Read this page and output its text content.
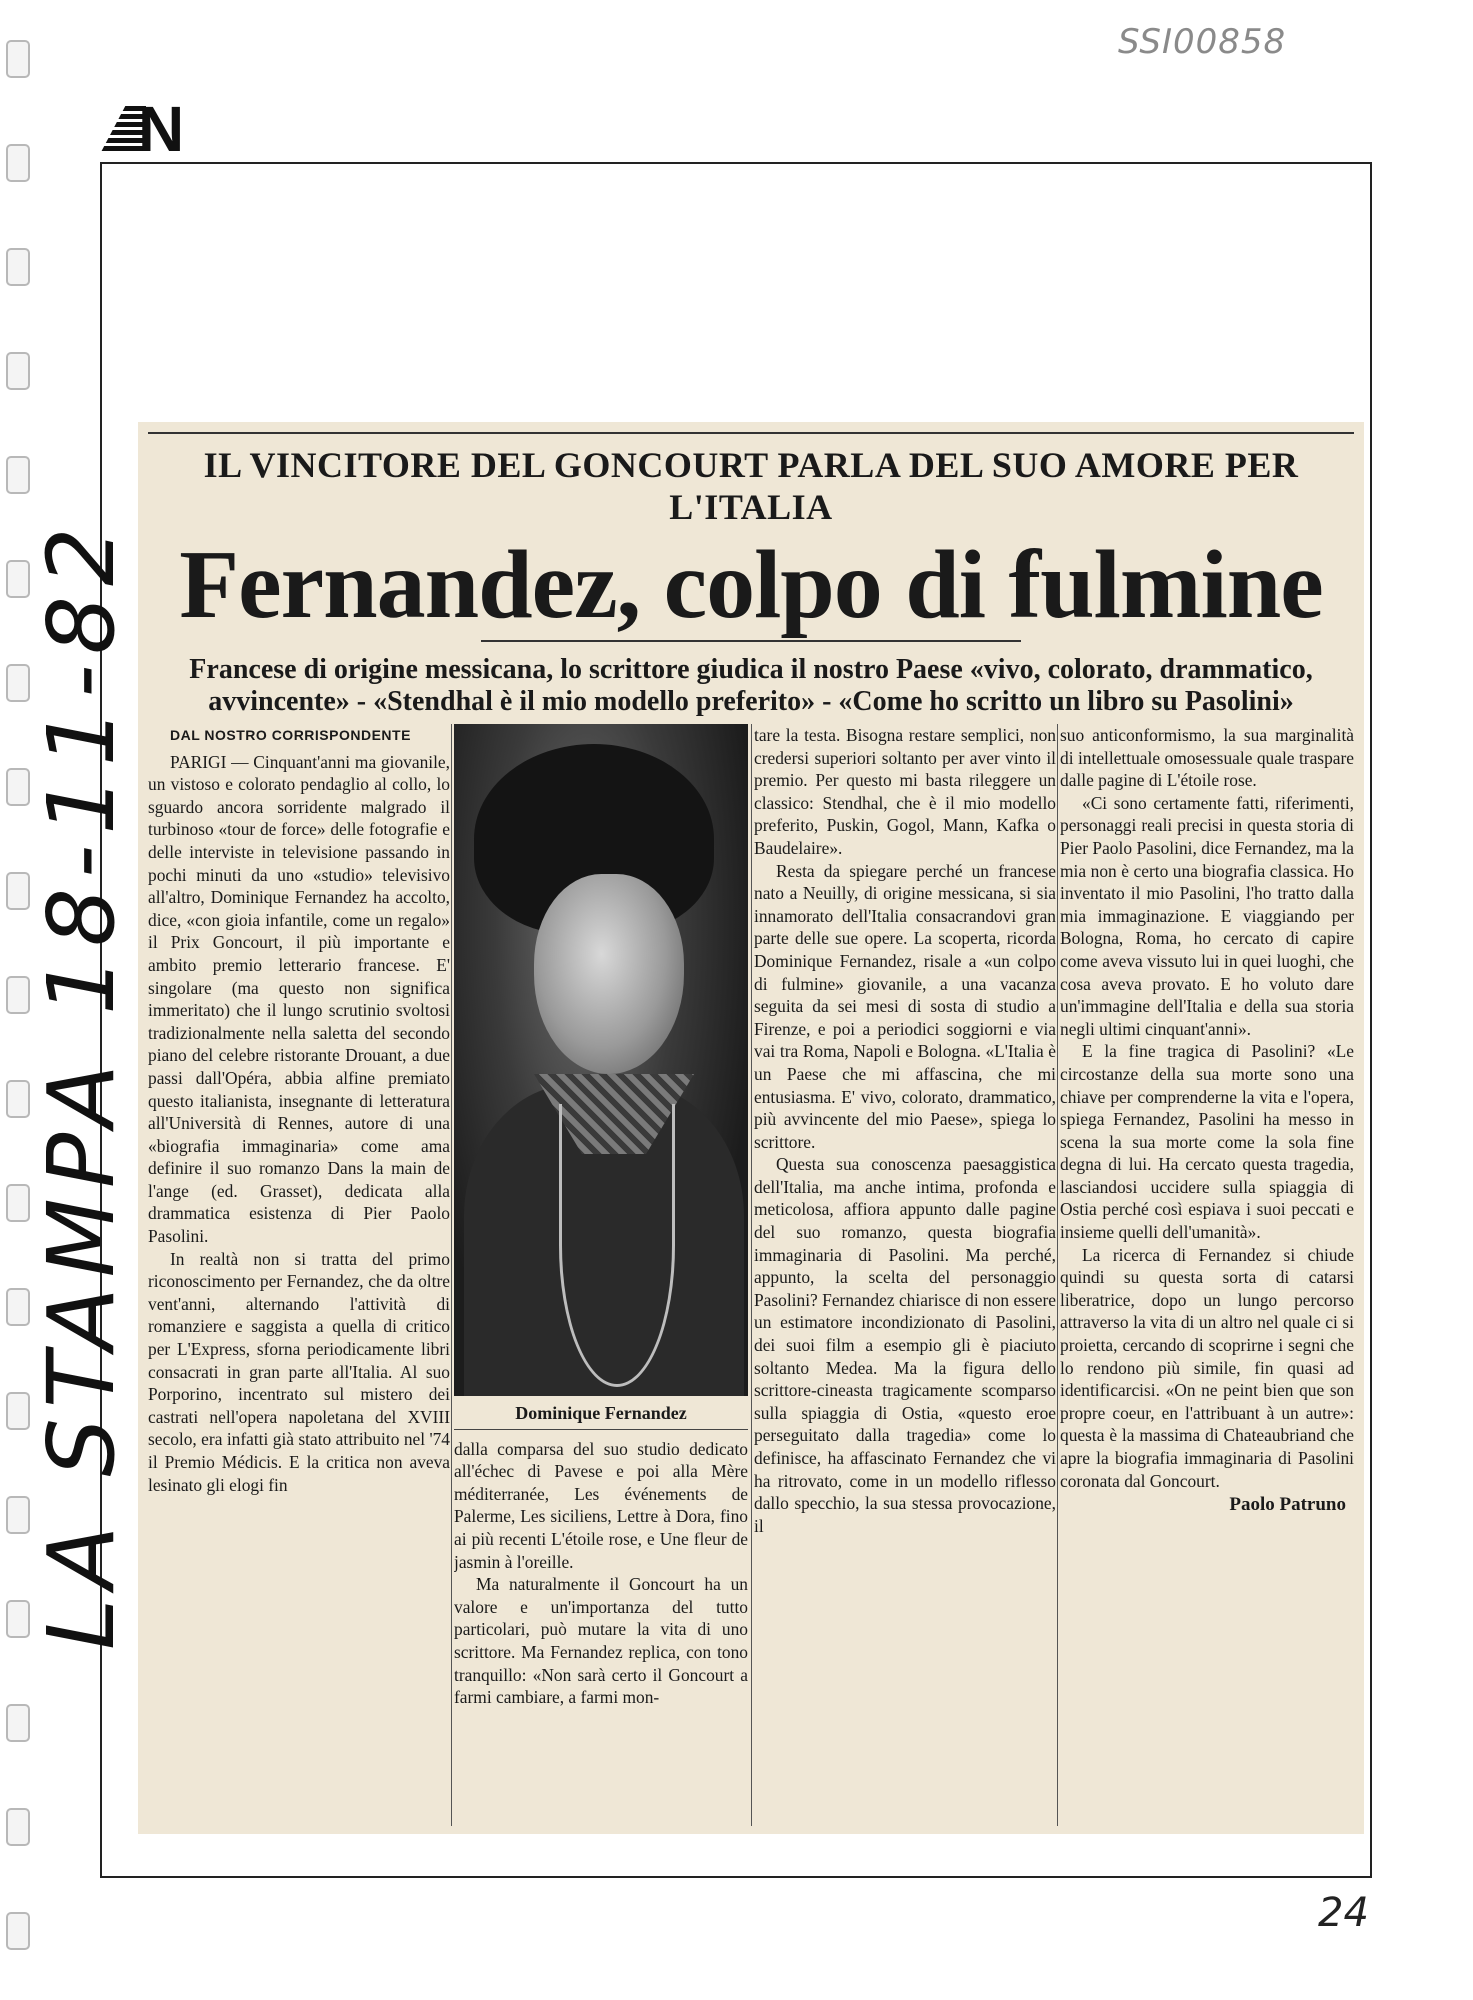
SSI00858
N
LA STAMPA 18-11-82
IL VINCITORE DEL GONCOURT PARLA DEL SUO AMORE PER L'ITALIA
Fernandez, colpo di fulmine
Francese di origine messicana, lo scrittore giudica il nostro Paese «vivo, colorato, drammatico, avvincente» - «Stendhal è il mio modello preferito» - «Come ho scritto un libro su Pasolini»
DAL NOSTRO CORRISPONDENTE

PARIGI — Cinquant'anni ma giovanile, un vistoso e colorato pendaglio al collo, lo sguardo ancora sorridente malgrado il turbinoso «tour de force» delle fotografie e delle interviste in televisione passando in pochi minuti da uno «studio» televisivo all'altro, Dominique Fernandez ha accolto, dice, «con gioia infantile, come un regalo» il Prix Goncourt, il più importante e ambito premio letterario francese. E' singolare (ma questo non significa immeritato) che il lungo scrutinio svoltosi tradizionalmente nella saletta del secondo piano del celebre ristorante Drouant, a due passi dall'Opéra, abbia alfine premiato questo italianista, insegnante di letteratura all'Università di Rennes, autore di una «biografia immaginaria» come ama definire il suo romanzo Dans la main de l'ange (ed. Grasset), dedicata alla drammatica esistenza di Pier Paolo Pasolini.

In realtà non si tratta del primo riconoscimento per Fernandez, che da oltre vent'anni, alternando l'attività di romanziere e saggista a quella di critico per L'Express, sforna periodicamente libri consacrati in gran parte all'Italia. Al suo Porporino, incentrato sul mistero dei castrati nell'opera napoletana del XVIII secolo, era infatti già stato attribuito nel '74 il Premio Médicis. E la critica non aveva lesinato gli elogi fin

Dominique Fernandez

dalla comparsa del suo studio dedicato all'échec di Pavese e poi alla Mère méditerranée, Les événements de Palerme, Les siciliens, Lettre à Dora, fino ai più recenti L'étoile rose, e Une fleur de jasmin à l'oreille.

Ma naturalmente il Goncourt ha un valore e un'importanza del tutto particolari, può mutare la vita di uno scrittore. Ma Fernandez replica, con tono tranquillo: «Non sarà certo il Goncourt a farmi cambiare, a farmi mon-

tare la testa. Bisogna restare semplici, non credersi superiori soltanto per aver vinto il premio. Per questo mi basta rileggere un classico: Stendhal, che è il mio modello preferito, Puskin, Gogol, Mann, Kafka o Baudelaire».

Resta da spiegare perché un francese nato a Neuilly, di origine messicana, si sia innamorato dell'Italia consacrandovi gran parte delle sue opere. La scoperta, ricorda Dominique Fernandez, risale a «un colpo di fulmine» giovanile, a una vacanza seguita da sei mesi di sosta di studio a Firenze, e poi a periodici soggiorni e via vai tra Roma, Napoli e Bologna. «L'Italia è un Paese che mi affascina, che mi entusiasma. E' vivo, colorato, drammatico, più avvincente del mio Paese», spiega lo scrittore.

Questa sua conoscenza paesaggistica dell'Italia, ma anche intima, profonda e meticolosa, affiora appunto dalle pagine del suo romanzo, questa biografia immaginaria di Pasolini. Ma perché, appunto, la scelta del personaggio Pasolini? Fernandez chiarisce di non essere un estimatore incondizionato di Pasolini, dei suoi film a esempio gli è piaciuto soltanto Medea. Ma la figura dello scrittore-cineasta tragicamente scomparso sulla spiaggia di Ostia, «questo eroe perseguitato dalla tragedia» come lo definisce, ha affascinato Fernandez che vi ha ritrovato, come in un modello riflesso dallo specchio, la sua stessa provocazione, il

suo anticonformismo, la sua marginalità di intellettuale omosessuale quale traspare dalle pagine di L'étoile rose.

«Ci sono certamente fatti, riferimenti, personaggi reali precisi in questa storia di Pier Paolo Pasolini, dice Fernandez, ma la mia non è certo una biografia classica. Ho inventato il mio Pasolini, l'ho tratto dalla mia immaginazione. E viaggiando per Bologna, Roma, ho cercato di capire come aveva vissuto lui in quei luoghi, che cosa aveva provato. E ho voluto dare un'immagine dell'Italia e della sua storia negli ultimi cinquant'anni».

E la fine tragica di Pasolini? «Le circostanze della sua morte sono una chiave per comprenderne la vita e l'opera, spiega Fernandez, Pasolini ha messo in scena la sua morte come la sola fine degna di lui. Ha cercato questa tragedia, lasciandosi uccidere sulla spiaggia di Ostia perché così espiava i suoi peccati e insieme quelli dell'umanità».

La ricerca di Fernandez si chiude quindi su questa sorta di catarsi liberatrice, dopo un lungo percorso attraverso la vita di un altro nel quale ci si proietta, cercando di scoprirne i segni che lo rendono più simile, fin quasi ad identificarcisi. «On ne peint bien que son propre coeur, en l'attribuant à un autre»: questa è la massima di Chateaubriand che apre la biografia immaginaria di Pasolini coronata dal Goncourt.

Paolo Patruno
24
